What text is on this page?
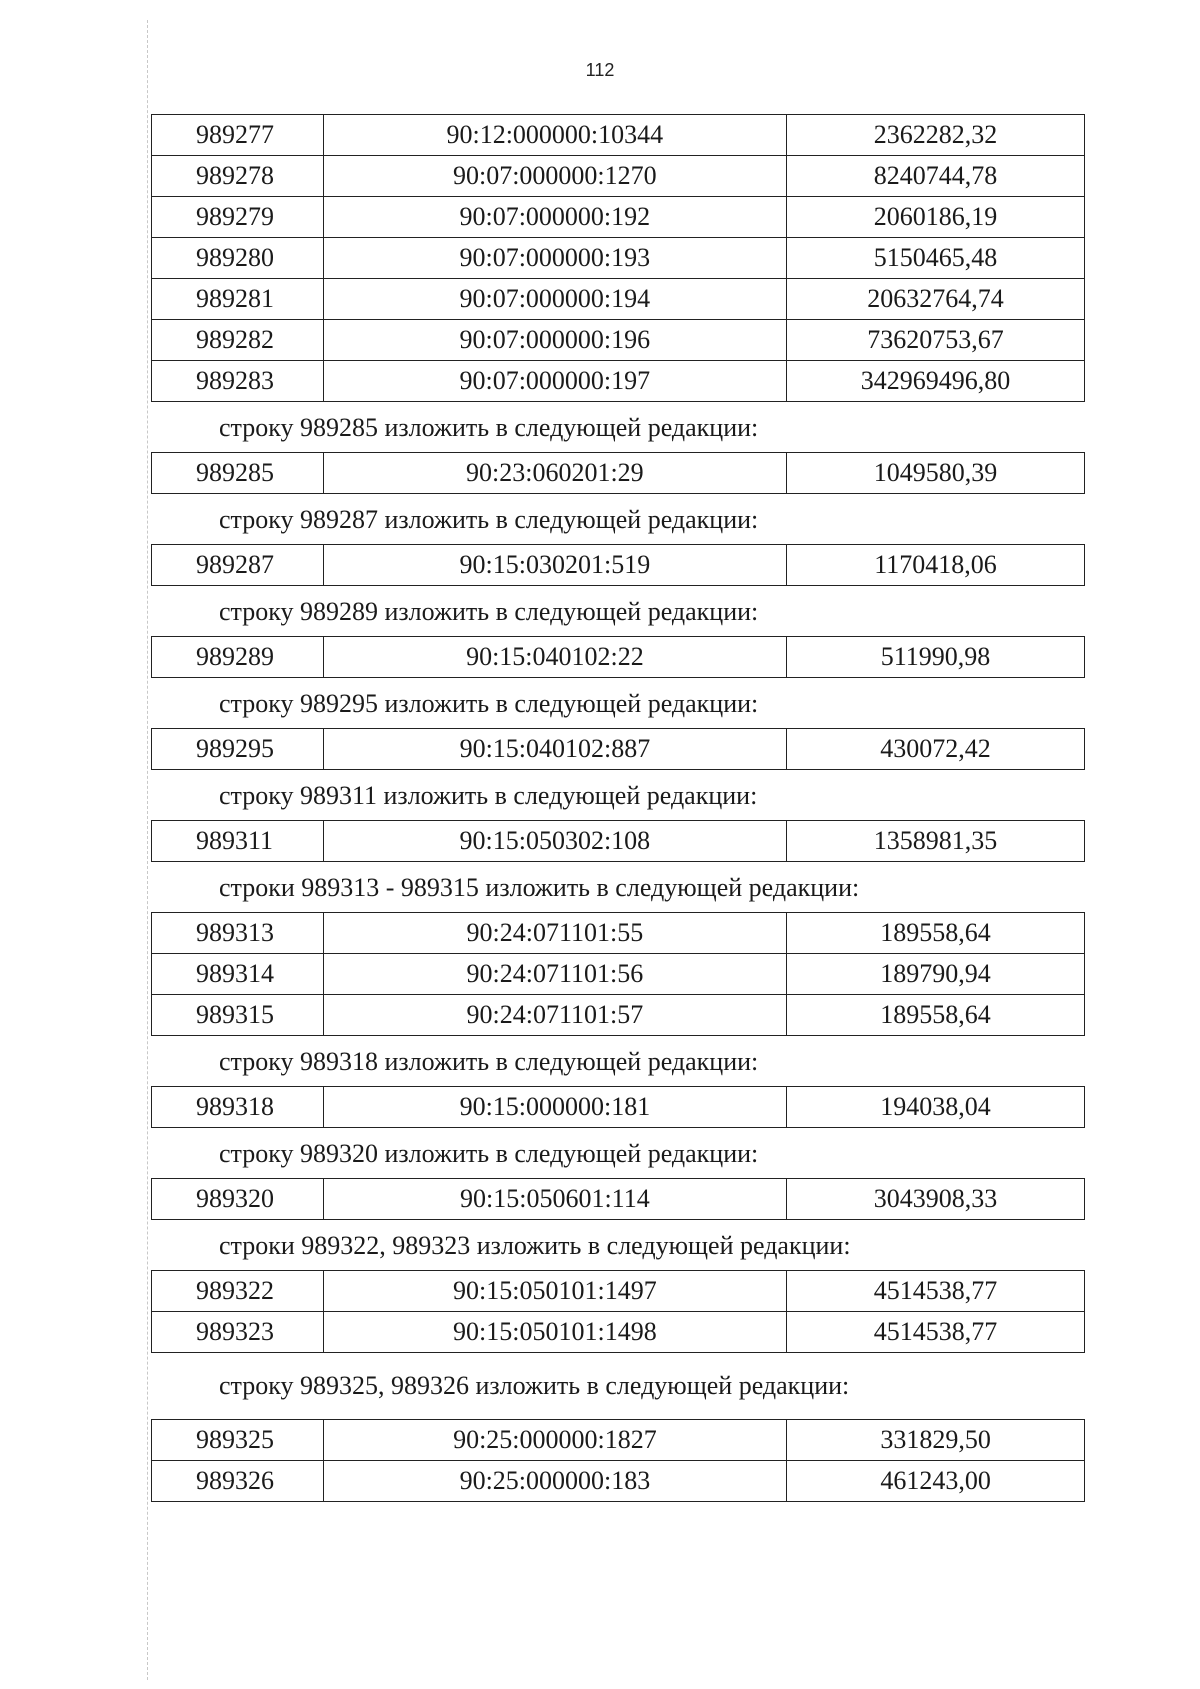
112
989277	90:12:000000:10344	2362282,32
989278	90:07:000000:1270	8240744,78
989279	90:07:000000:192	2060186,19
989280	90:07:000000:193	5150465,48
989281	90:07:000000:194	20632764,74
989282	90:07:000000:196	73620753,67
989283	90:07:000000:197	342969496,80
строку 989285 изложить в следующей редакции:
989285	90:23:060201:29	1049580,39
строку 989287 изложить в следующей редакции:
989287	90:15:030201:519	1170418,06
строку 989289 изложить в следующей редакции:
989289	90:15:040102:22	511990,98
строку 989295 изложить в следующей редакции:
989295	90:15:040102:887	430072,42
строку 989311 изложить в следующей редакции:
989311	90:15:050302:108	1358981,35
строки 989313 - 989315 изложить в следующей редакции:
989313	90:24:071101:55	189558,64
989314	90:24:071101:56	189790,94
989315	90:24:071101:57	189558,64
строку 989318 изложить в следующей редакции:
989318	90:15:000000:181	194038,04
строку 989320 изложить в следующей редакции:
989320	90:15:050601:114	3043908,33
строки 989322, 989323 изложить в следующей редакции:
989322	90:15:050101:1497	4514538,77
989323	90:15:050101:1498	4514538,77
строку 989325, 989326 изложить в следующей редакции:
989325	90:25:000000:1827	331829,50
989326	90:25:000000:183	461243,00
